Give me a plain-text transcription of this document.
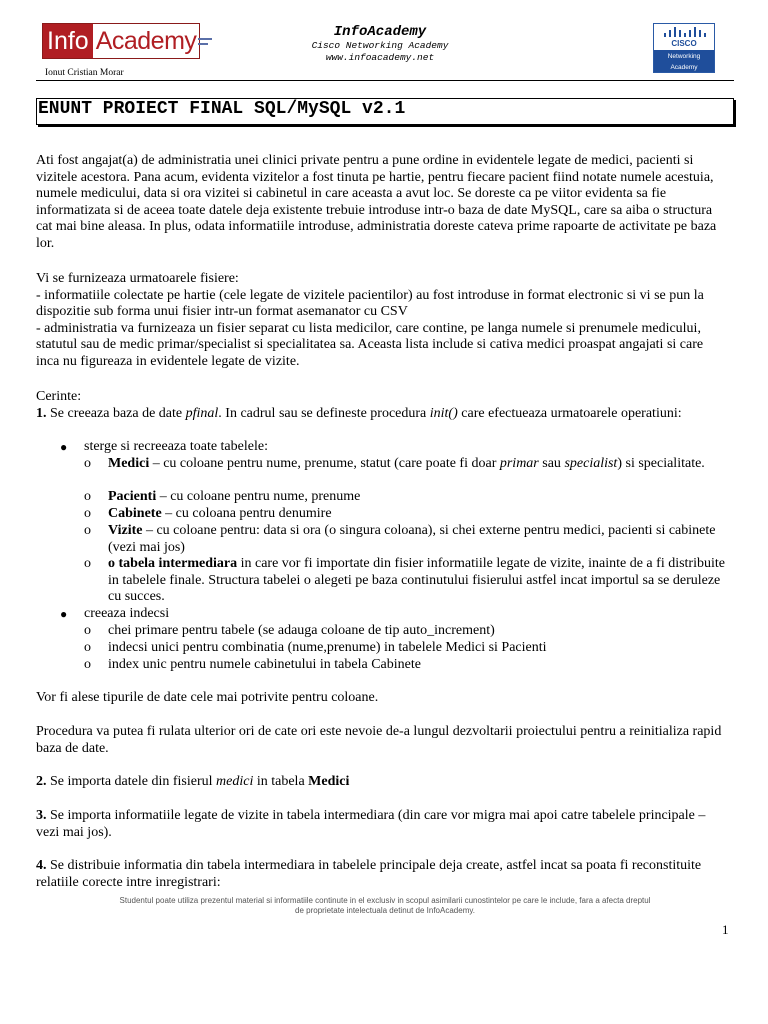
Info Academy
Ionut Cristian Morar
InfoAcademy
Cisco Networking Academy
www.infoacademy.net
CISCO
Networking
Academy
ENUNT PROIECT FINAL SQL/MySQL v2.1

Ati fost angajat(a) de administratia unei clinici private pentru a pune ordine in evidentele legate de medici, pacienti si vizitele acestora. Pana acum, evidenta vizitelor a fost tinuta pe hartie, pentru fiecare pacient fiind notate numele acestuia, numele medicului, data si ora vizitei si cabinetul in care aceasta a avut loc. Se doreste ca pe viitor evidenta sa fie informatizata si de aceea toate datele deja existente trebuie introduse intr-o baza de date MySQL, care sa aiba o structura cat mai bine aleasa. In plus, odata informatiile introduse, administratia doreste cateva prime rapoarte de activitate pe baza lor.

Vi se furnizeaza urmatoarele fisiere:

- informatiile colectate pe hartie (cele legate de vizitele pacientilor) au fost introduse in format electronic si vi se pun la dispozitie sub forma unui fisier intr-un format asemanator cu CSV

- administratia va furnizeaza un fisier separat cu lista medicilor, care contine, pe langa numele si prenumele medicului, statutul sau de medic primar/specialist si specialitatea sa. Aceasta lista include si cativa medici proaspat angajati si care inca nu figureaza in evidentele legate de vizite.

Cerinte:

1. Se creeaza baza de date pfinal. In cadrul sau se defineste procedura init() care efectueaza urmatoarele operatiuni:

● sterge si recreeaza toate tabelele:
o Medici – cu coloane pentru nume, prenume, statut (care poate fi doar primar sau specialist) si specialitate.
o Pacienti – cu coloane pentru nume, prenume
o Cabinete – cu coloana pentru denumire
o Vizite – cu coloane pentru: data si ora (o singura coloana), si chei externe pentru medici, pacienti si cabinete (vezi mai jos)
o o tabela intermediara in care vor fi importate din fisier informatiile legate de vizite, inainte de a fi distribuite in tabelele finale. Structura tabelei o alegeti pe baza continutului fisierului astfel incat importul sa se deruleze cu succes.
● creeaza indecsi
o chei primare pentru tabele (se adauga coloane de tip auto_increment)
o indecsi unici pentru combinatia (nume,prenume) in tabelele Medici si Pacienti
o index unic pentru numele cabinetului in tabela Cabinete
Vor fi alese tipurile de date cele mai potrivite pentru coloane.
Procedura va putea fi rulata ulterior ori de cate ori este nevoie de-a lungul dezvoltarii proiectului pentru a reinitializa rapid baza de date.
2. Se importa datele din fisierul medici in tabela Medici
3. Se importa informatiile legate de vizite in tabela intermediara (din care vor migra mai apoi catre tabelele principale – vezi mai jos).
4. Se distribuie informatia din tabela intermediara in tabelele principale deja create, astfel incat sa poata fi reconstituite relatiile corecte intre inregistrari:
Studentul poate utiliza prezentul material si informatiile continute in el exclusiv in scopul asimilarii cunostintelor pe care le include, fara a afecta dreptul
de proprietate intelectuala detinut de InfoAcademy.
1
